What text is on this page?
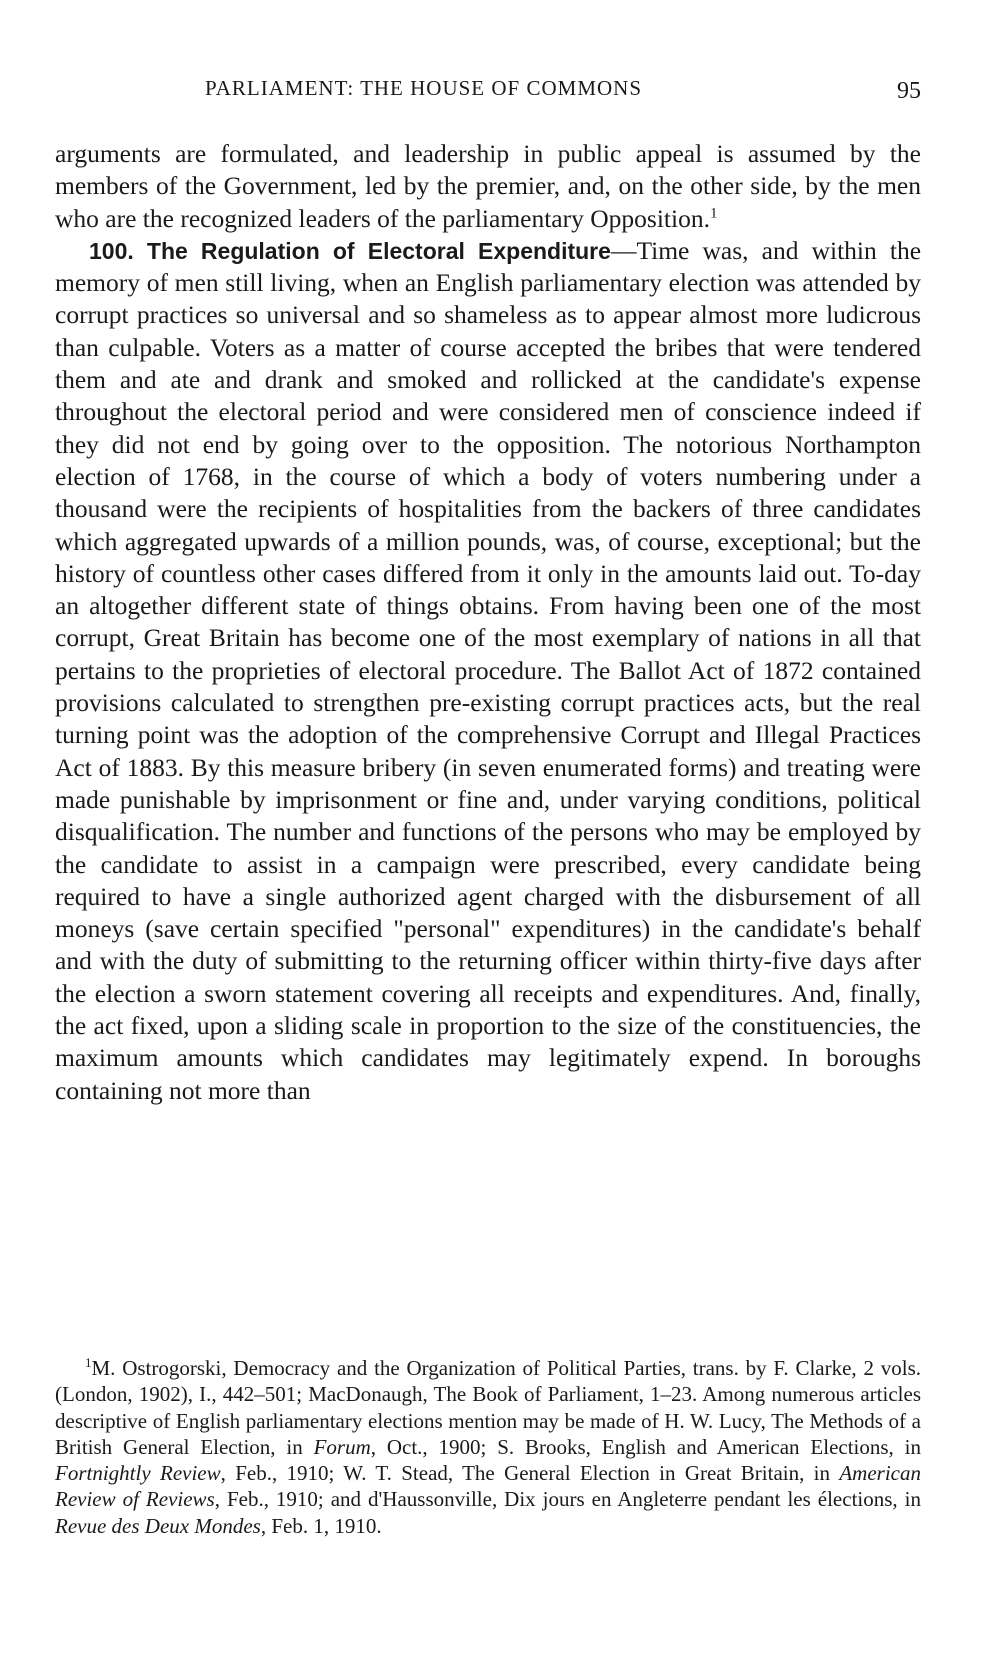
PARLIAMENT: THE HOUSE OF COMMONS	95

arguments are formulated, and leadership in public appeal is assumed by the members of the Government, led by the premier, and, on the other side, by the men who are the recognized leaders of the parliamentary Opposition.$^1$

100. The Regulation of Electoral Expenditure—Time was, and within the memory of men still living, when an English parliamentary election was attended by corrupt practices so universal and so shameless as to appear almost more ludicrous than culpable. Voters as a matter of course accepted the bribes that were tendered them and ate and drank and smoked and rollicked at the candidate's expense throughout the electoral period and were considered men of conscience indeed if they did not end by going over to the opposition. The notorious Northampton election of 1768, in the course of which a body of voters numbering under a thousand were the recipients of hospitalities from the backers of three candidates which aggregated upwards of a million pounds, was, of course, exceptional; but the history of countless other cases differed from it only in the amounts laid out. To-day an altogether different state of things obtains. From having been one of the most corrupt, Great Britain has become one of the most exemplary of nations in all that pertains to the proprieties of electoral procedure. The Ballot Act of 1872 contained provisions calculated to strengthen pre-existing corrupt practices acts, but the real turning point was the adoption of the comprehensive Corrupt and Illegal Practices Act of 1883. By this measure bribery (in seven enumerated forms) and treating were made punishable by imprisonment or fine and, under varying conditions, political disqualification. The number and functions of the persons who may be employed by the candidate to assist in a campaign were prescribed, every candidate being required to have a single authorized agent charged with the disbursement of all moneys (save certain specified "personal" expenditures) in the candidate's behalf and with the duty of submitting to the returning officer within thirty-five days after the election a sworn statement covering all receipts and expenditures. And, finally, the act fixed, upon a sliding scale in proportion to the size of the constituencies, the maximum amounts which candidates may legitimately expend. In boroughs containing not more than

$^1$M. Ostrogorski, Democracy and the Organization of Political Parties, trans. by F. Clarke, 2 vols. (London, 1902), I., 442–501; MacDonaugh, The Book of Parliament, 1–23. Among numerous articles descriptive of English parliamentary elections mention may be made of H. W. Lucy, The Methods of a British General Election, in Forum, Oct., 1900; S. Brooks, English and American Elections, in Fortnightly Review, Feb., 1910; W. T. Stead, The General Election in Great Britain, in American Review of Reviews, Feb., 1910; and d'Haussonville, Dix jours en Angleterre pendant les élections, in Revue des Deux Mondes, Feb. 1, 1910.
